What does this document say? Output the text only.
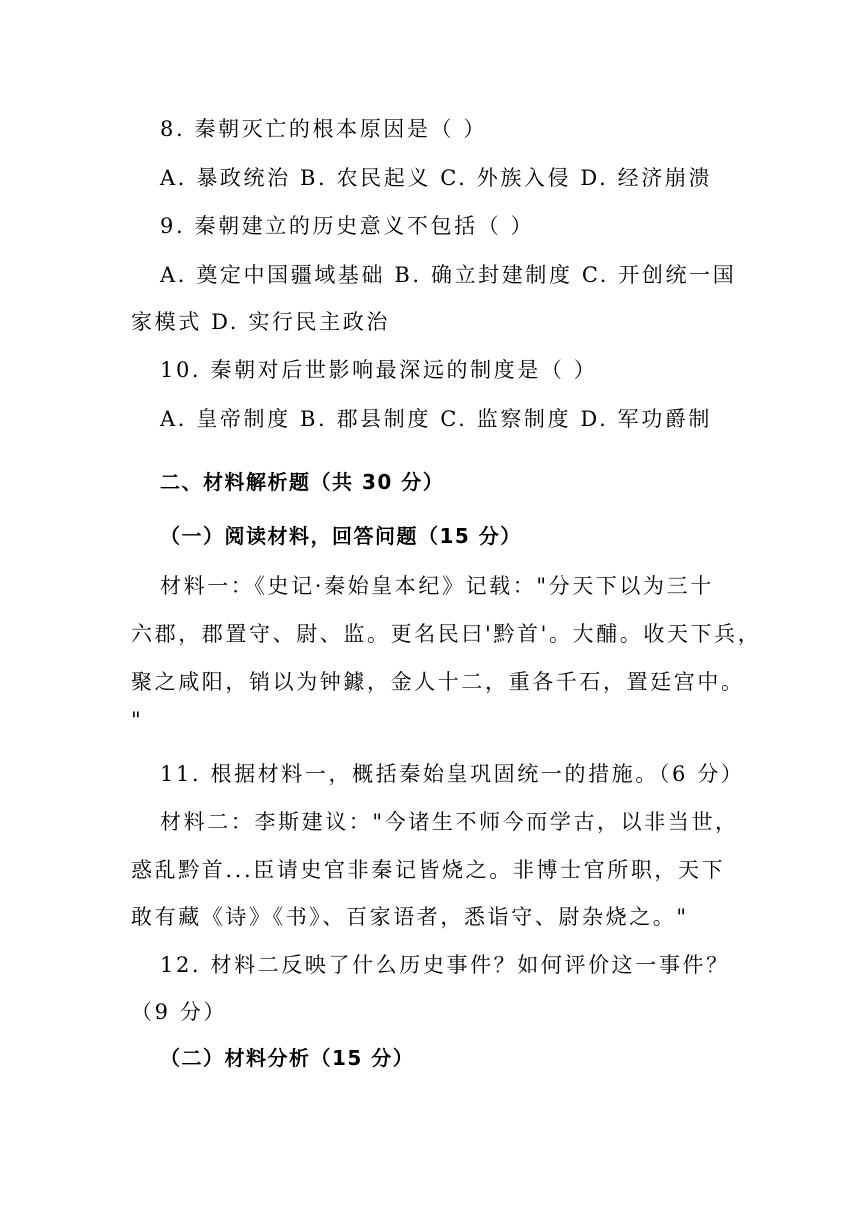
8. 秦朝灭亡的根本原因是（ ）
A. 暴政统治 B. 农民起义 C. 外族入侵 D. 经济崩溃
9. 秦朝建立的历史意义不包括（ ）
A. 奠定中国疆域基础 B. 确立封建制度 C. 开创统一国
家模式 D. 实行民主政治
10. 秦朝对后世影响最深远的制度是（ ）
A. 皇帝制度 B. 郡县制度 C. 监察制度 D. 军功爵制
二、材料解析题（共 30 分）
（一）阅读材料，回答问题（15 分）
材料一：《史记·秦始皇本纪》记载："分天下以为三十
六郡，郡置守、尉、监。更名民曰'黔首'。大酺。收天下兵，
聚之咸阳，销以为钟鐻，金人十二，重各千石，置廷宫中。
"
11. 根据材料一，概括秦始皇巩固统一的措施。（6 分）
材料二：李斯建议："今诸生不师今而学古，以非当世，
惑乱黔首...臣请史官非秦记皆烧之。非博士官所职，天下
敢有藏《诗》《书》、百家语者，悉诣守、尉杂烧之。"
12. 材料二反映了什么历史事件？如何评价这一事件？
（9 分）
（二）材料分析（15 分）
